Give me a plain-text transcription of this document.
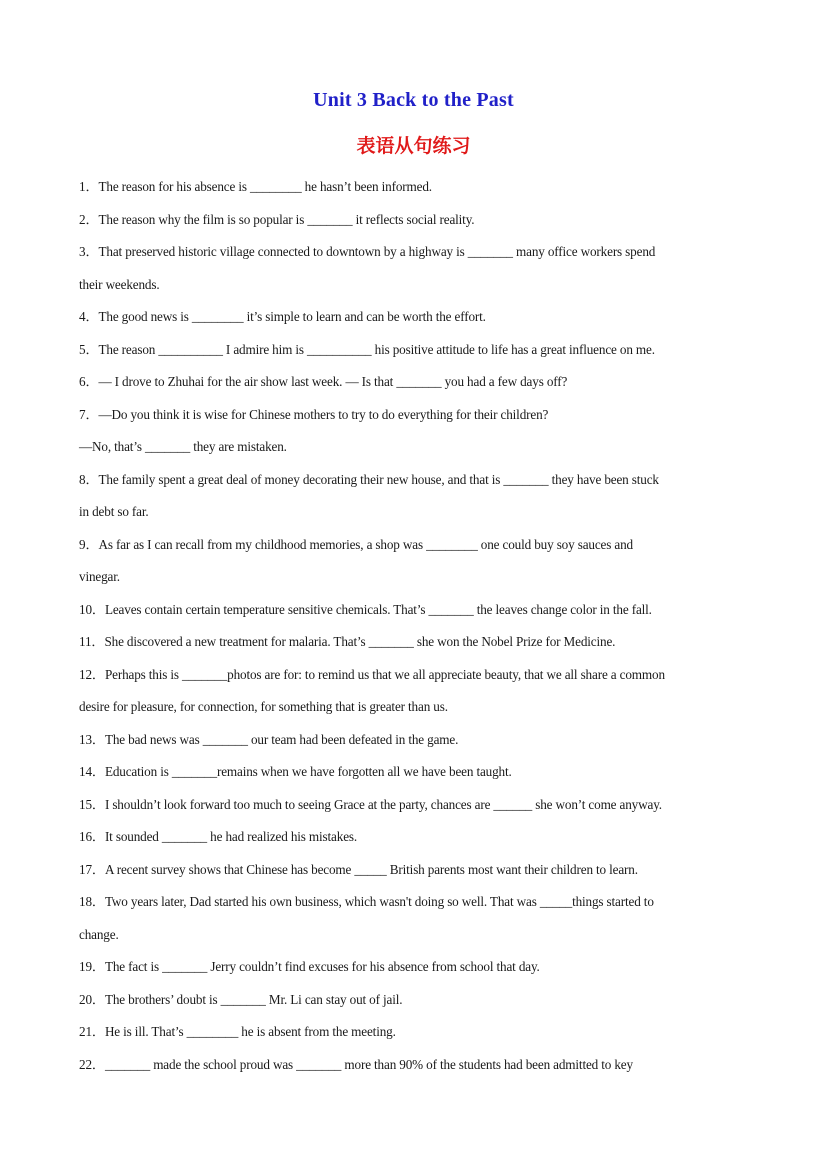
Unit 3 Back to the Past
表语从句练习
1．The reason for his absence is ________ he hasn’t been informed.
2．The reason why the film is so popular is _______ it reflects social reality.
3．That preserved historic village connected to downtown by a highway is _______ many office workers spend
their weekends.
4．The good news is ________ it’s simple to learn and can be worth the effort.
5．The reason __________ I admire him is __________ his positive attitude to life has a great influence on me.
6．— I drove to Zhuhai for the air show last week. — Is that _______ you had a few days off?
7．—Do you think it is wise for Chinese mothers to try to do everything for their children?
—No, that’s _______ they are mistaken.
8．The family spent a great deal of money decorating their new house, and that is _______ they have been stuck
in debt so far.
9．As far as I can recall from my childhood memories, a shop was ________ one could buy soy sauces and
vinegar.
10．Leaves contain certain temperature sensitive chemicals. That’s _______ the leaves change color in the fall.
11．She discovered a new treatment for malaria. That’s _______ she won the Nobel Prize for Medicine.
12．Perhaps this is _______photos are for: to remind us that we all appreciate beauty, that we all share a common
desire for pleasure, for connection, for something that is greater than us.
13．The bad news was _______ our team had been defeated in the game.
14．Education is _______remains when we have forgotten all we have been taught.
15．I shouldn’t look forward too much to seeing Grace at the party, chances are ______ she won’t come anyway.
16．It sounded _______ he had realized his mistakes.
17．A recent survey shows that Chinese has become _____ British parents most want their children to learn.
18．Two years later, Dad started his own business, which wasn't doing so well. That was _____things started to
change.
19．The fact is _______ Jerry couldn’t find excuses for his absence from school that day.
20．The brothers’ doubt is _______ Mr. Li can stay out of jail.
21．He is ill. That’s ________ he is absent from the meeting.
22．_______ made the school proud was _______ more than 90% of the students had been admitted to key
